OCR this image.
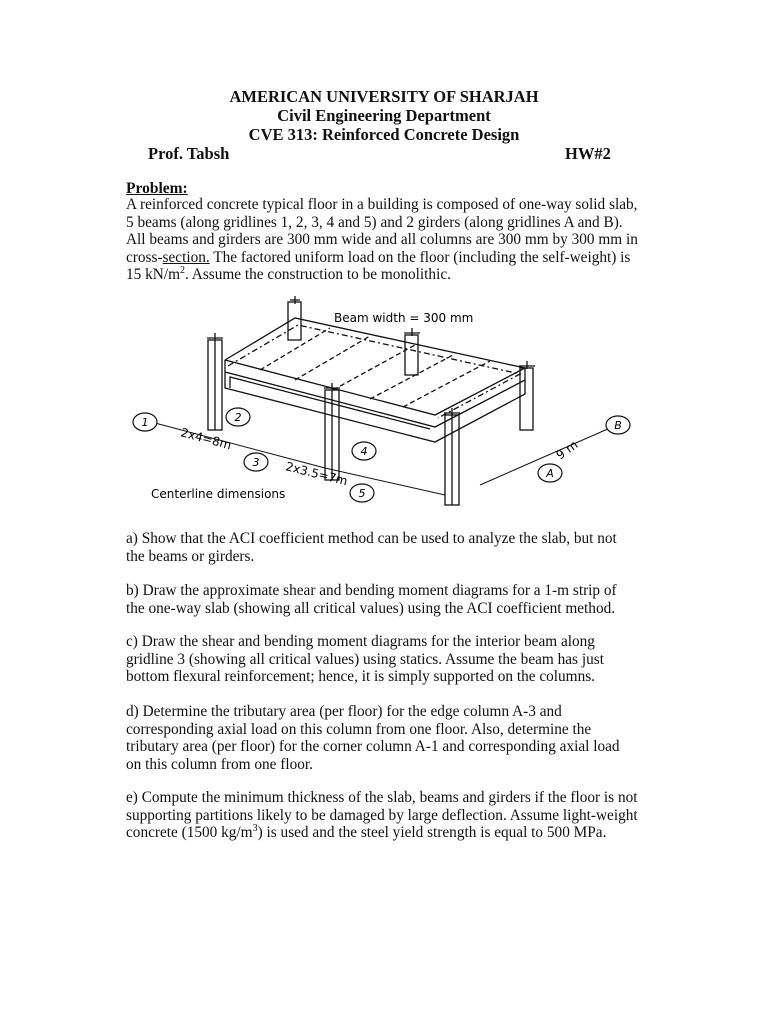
AMERICAN UNIVERSITY OF SHARJAH
Civil Engineering Department
CVE 313: Reinforced Concrete Design
Prof. Tabsh	HW#2
Problem:
A reinforced concrete typical floor in a building is composed of one-way solid slab, 5 beams (along gridlines 1, 2, 3, 4 and 5) and 2 girders (along gridlines A and B). All beams and girders are 300 mm wide and all columns are 300 mm by 300 mm in cross-section. The factored uniform load on the floor (including the self-weight) is 15 $kN/m^2$. Assume the construction to be monolithic.
1	2
3
4
5
A
B
Beam width = 300 mm
2x4=8m
2x3.5=7m
9 m
Centerline dimensions
a) Show that the ACI coefficient method can be used to analyze the slab, but not the beams or girders.
b) Draw the approximate shear and bending moment diagrams for a 1-m strip of the one-way slab (showing all critical values) using the ACI coefficient method.
c) Draw the shear and bending moment diagrams for the interior beam along gridline 3 (showing all critical values) using statics. Assume the beam has just bottom flexural reinforcement; hence, it is simply supported on the columns.
d) Determine the tributary area (per floor) for the edge column A-3 and corresponding axial load on this column from one floor. Also, determine the tributary area (per floor) for the corner column A-1 and corresponding axial load on this column from one floor.
e) Compute the minimum thickness of the slab, beams and girders if the floor is not supporting partitions likely to be damaged by large deflection. Assume light-weight concrete (1500 $kg/m^3$) is used and the steel yield strength is equal to 500 MPa.
